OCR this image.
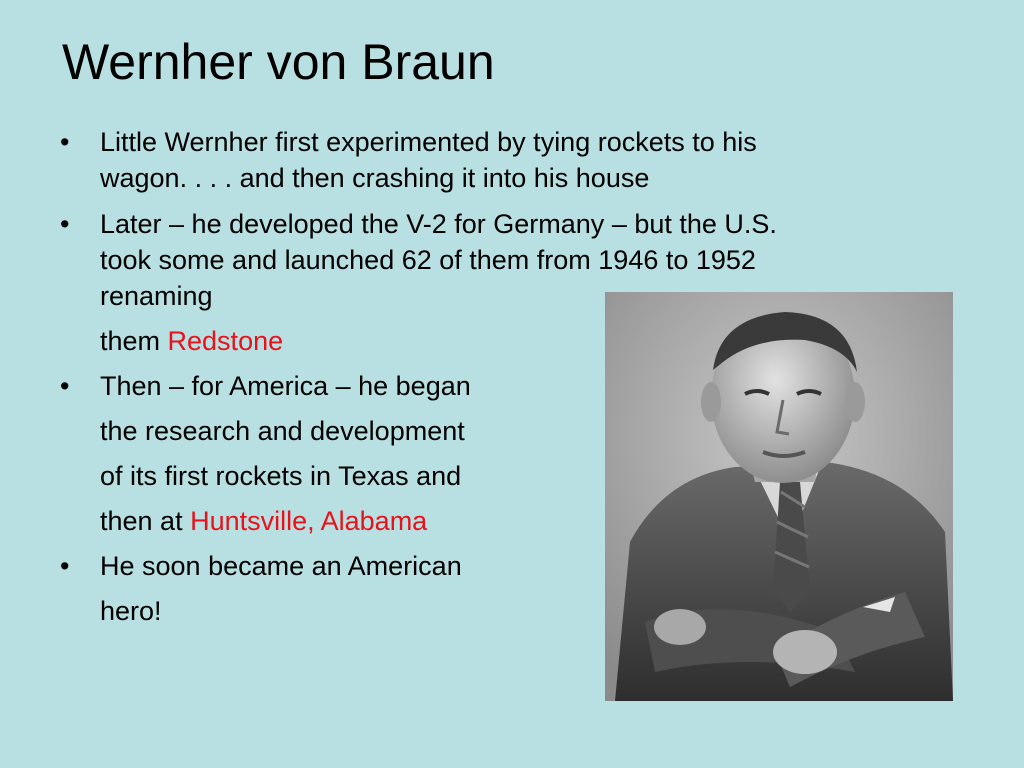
Wernher von Braun
• Little Wernher first experimented by tying rockets to his
wagon. . . . and then crashing it into his house
• Later – he developed the V-2 for Germany – but the U.S.
took some and launched 62 of them from 1946 to 1952
renaming
them Redstone
• Then – for America – he began
the research and development
of its first rockets in Texas and
then at Huntsville, Alabama
• He soon became an American
hero!
